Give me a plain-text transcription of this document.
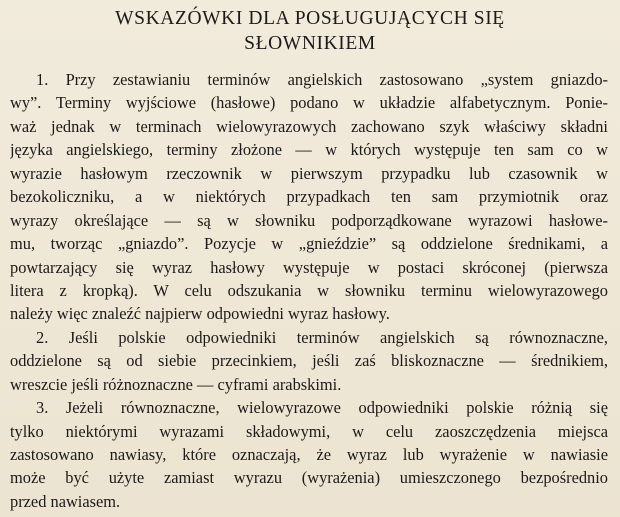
WSKAZÓWKI DLA POSŁUGUJĄCYCH SIĘ
SŁOWNIKIEM
1. Przy zestawianiu terminów angielskich zastosowano „system gniazdo-
wy”. Terminy wyjściowe (hasłowe) podano w układzie alfabetycznym. Ponie-
waż jednak w terminach wielowyrazowych zachowano szyk właściwy składni
języka angielskiego, terminy złożone — w których występuje ten sam co w
wyrazie hasłowym rzeczownik w pierwszym przypadku lub czasownik w
bezokoliczniku, a w niektórych przypadkach ten sam przymiotnik oraz
wyrazy określające — są w słowniku podporządkowane wyrazowi hasłowe-
mu, tworząc „gniazdo”. Pozycje w „gnieździe” są oddzielone średnikami, a
powtarzający się wyraz hasłowy występuje w postaci skróconej (pierwsza
litera z kropką). W celu odszukania w słowniku terminu wielowyrazowego
należy więc znaleźć najpierw odpowiedni wyraz hasłowy.
2. Jeśli polskie odpowiedniki terminów angielskich są równoznaczne,
oddzielone są od siebie przecinkiem, jeśli zaś bliskoznaczne — średnikiem,
wreszcie jeśli różnoznaczne — cyframi arabskimi.
3. Jeżeli równoznaczne, wielowyrazowe odpowiedniki polskie różnią się
tylko niektórymi wyrazami składowymi, w celu zaoszczędzenia miejsca
zastosowano nawiasy, które oznaczają, że wyraz lub wyrażenie w nawiasie
może być użyte zamiast wyrazu (wyrażenia) umieszczonego bezpośrednio
przed nawiasem.
